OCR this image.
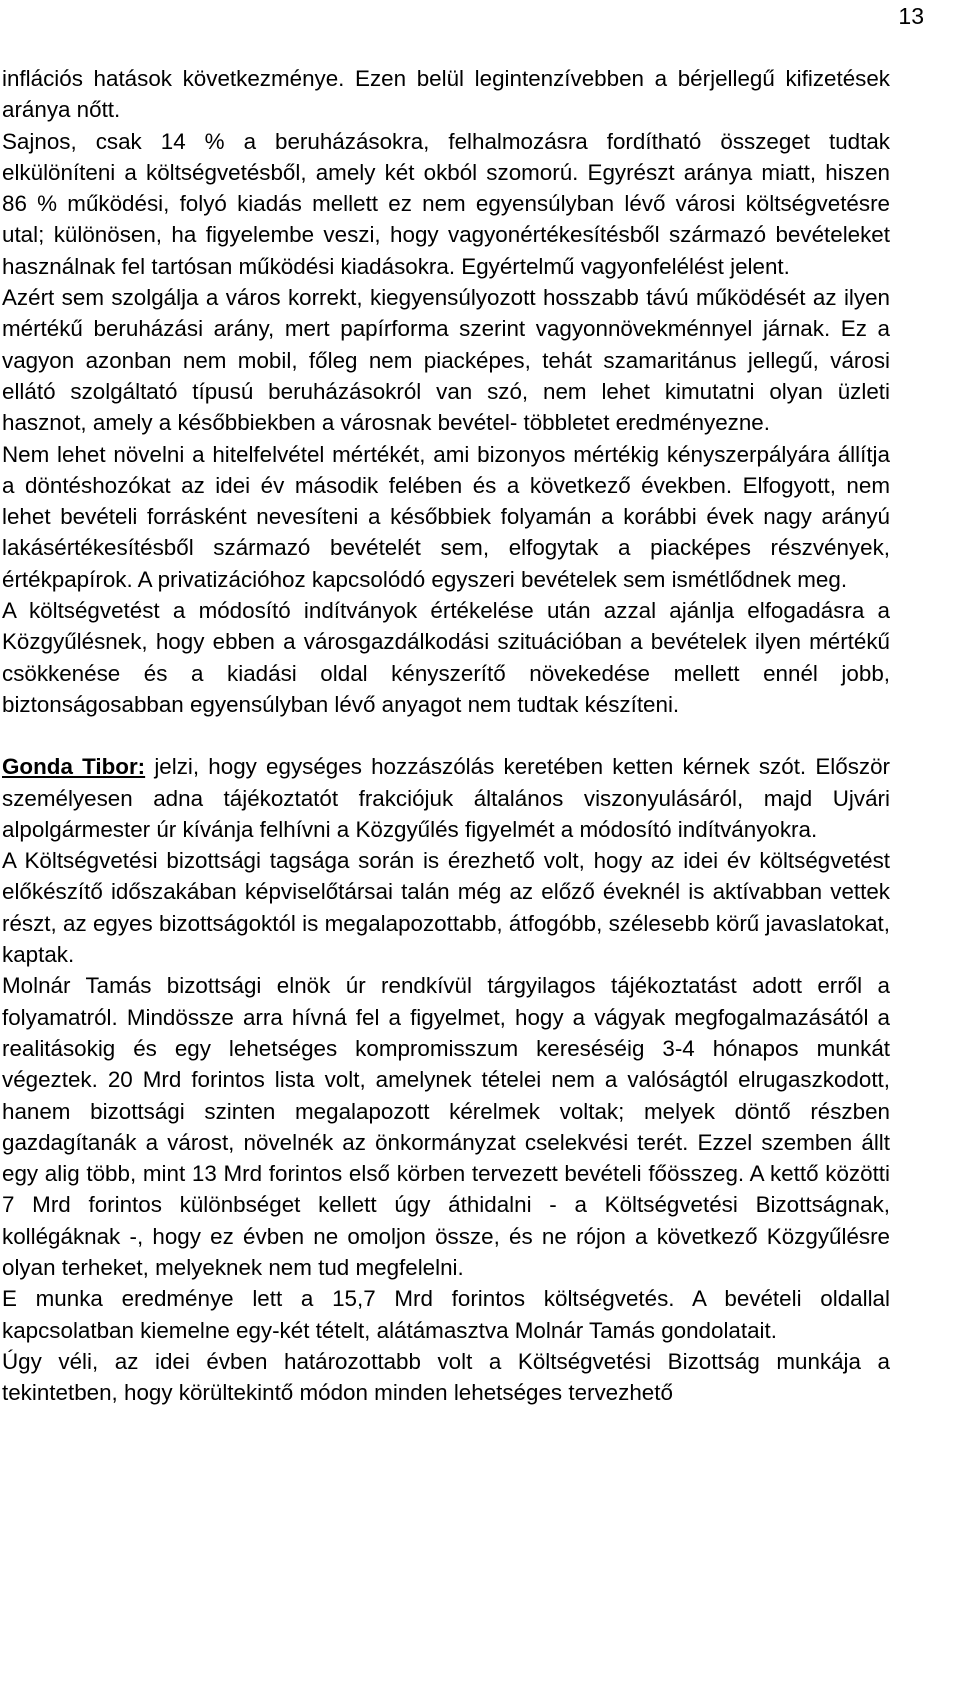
13

inflációs hatások következménye. Ezen belül legintenzívebben a bérjellegű kifizetések aránya nőtt.

Sajnos, csak 14 % a beruházásokra, felhalmozásra fordítható összeget tudtak elkülöníteni a költségvetésből, amely két okból szomorú. Egyrészt aránya miatt, hiszen 86 % működési, folyó kiadás mellett ez nem egyensúlyban lévő városi költségvetésre utal; különösen, ha figyelembe veszi, hogy vagyonértékesítésből származó bevételeket használnak fel tartósan működési kiadásokra. Egyértelmű vagyonfelélést jelent.

Azért sem szolgálja a város korrekt, kiegyensúlyozott hosszabb távú működését az ilyen mértékű beruházási arány, mert papírforma szerint vagyonnövekménnyel járnak. Ez a vagyon azonban nem mobil, főleg nem piacképes, tehát szamaritánus jellegű, városi ellátó szolgáltató típusú beruházásokról van szó, nem lehet kimutatni olyan üzleti hasznot, amely a későbbiekben a városnak bevétel- többletet eredményezne.

Nem lehet növelni a hitelfelvétel mértékét, ami bizonyos mértékig kényszerpályára állítja a döntéshozókat az idei év második felében és a következő években. Elfogyott, nem lehet bevételi forrásként nevesíteni a későbbiek folyamán a korábbi évek nagy arányú lakásértékesítésből származó bevételét sem, elfogytak a piacképes részvények, értékpapírok. A privatizációhoz kapcsolódó egyszeri bevételek sem ismétlődnek meg.

A költségvetést a módosító indítványok értékelése után azzal ajánlja elfogadásra a Közgyűlésnek, hogy ebben a városgazdálkodási szituációban a bevételek ilyen mértékű csökkenése és a kiadási oldal kényszerítő növekedése mellett ennél jobb, biztonságosabban egyensúlyban lévő anyagot nem tudtak készíteni.

Gonda Tibor: jelzi, hogy egységes hozzászólás keretében ketten kérnek szót. Először személyesen adna tájékoztatót frakciójuk általános viszonyulásáról, majd Ujvári alpolgármester úr kívánja felhívni a Közgyűlés figyelmét a módosító indítványokra.

A Költségvetési bizottsági tagsága során is érezhető volt, hogy az idei év költségvetést előkészítő időszakában képviselőtársai talán még az előző éveknél is aktívabban vettek részt, az egyes bizottságoktól is megalapozottabb, átfogóbb, szélesebb körű javaslatokat, kaptak.

Molnár Tamás bizottsági elnök úr rendkívül tárgyilagos tájékoztatást adott erről a folyamatról. Mindössze arra hívná fel a figyelmet, hogy a vágyak megfogalmazásától a realitásokig és egy lehetséges kompromisszum kereséséig 3-4 hónapos munkát végeztek. 20 Mrd forintos lista volt, amelynek tételei nem a valóságtól elrugaszkodott, hanem bizottsági szinten megalapozott kérelmek voltak; melyek döntő részben gazdagítanák a várost, növelnék az önkormányzat cselekvési terét. Ezzel szemben állt egy alig több, mint 13 Mrd forintos első körben tervezett bevételi főösszeg. A kettő közötti 7 Mrd forintos különbséget kellett úgy áthidalni - a Költségvetési Bizottságnak, kollégáknak -, hogy ez évben ne omoljon össze, és ne rójon a következő Közgyűlésre olyan terheket, melyeknek nem tud megfelelni.

E munka eredménye lett a 15,7 Mrd forintos költségvetés. A bevételi oldallal kapcsolatban kiemelne egy-két tételt, alátámasztva Molnár Tamás gondolatait.

Úgy véli, az idei évben határozottabb volt a Költségvetési Bizottság munkája a tekintetben, hogy körültekintő módon minden lehetséges tervezhető
